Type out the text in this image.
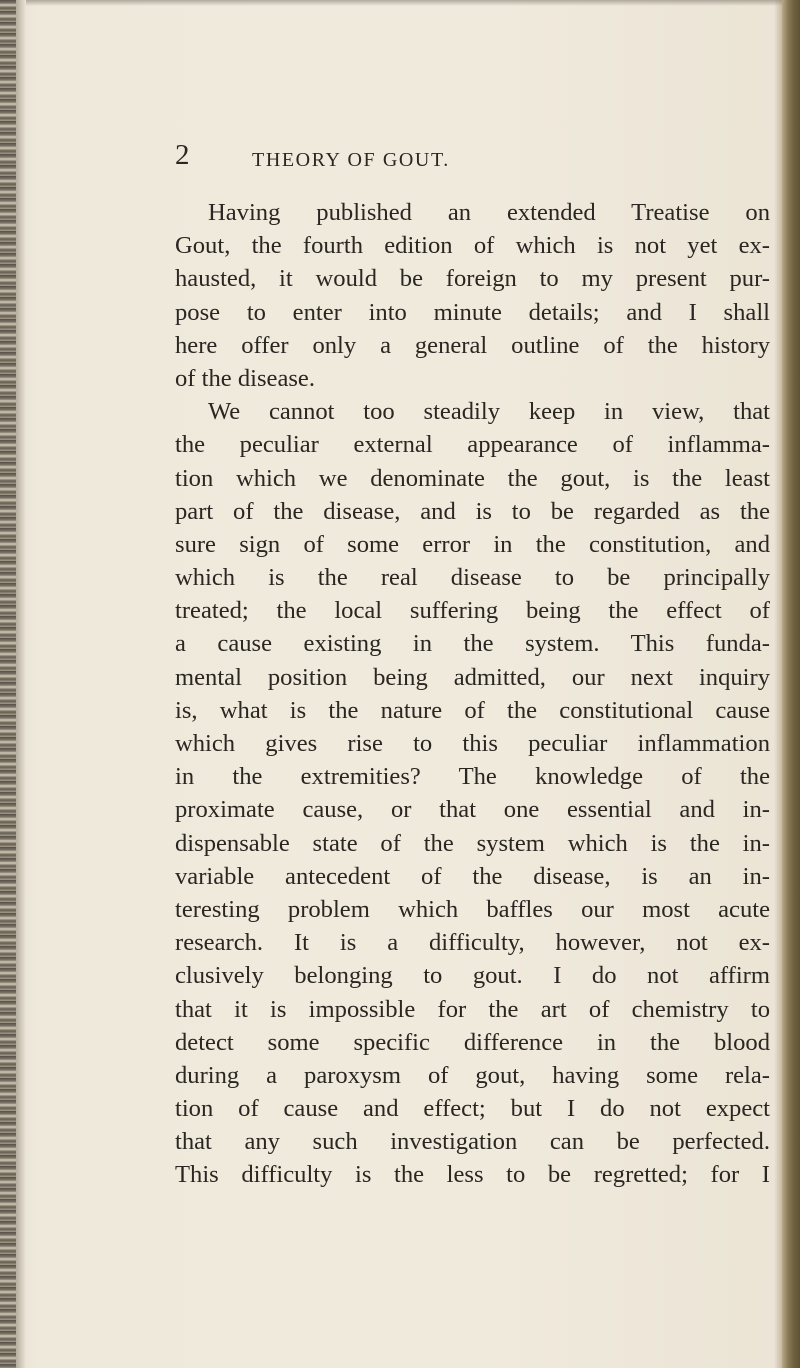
2	THEORY OF GOUT.
Having published an extended Treatise on
Gout, the fourth edition of which is not yet ex-
hausted, it would be foreign to my present pur-
pose to enter into minute details; and I shall
here offer only a general outline of the history
of the disease.
We cannot too steadily keep in view, that
the peculiar external appearance of inflamma-
tion which we denominate the gout, is the least
part of the disease, and is to be regarded as the
sure sign of some error in the constitution, and
which is the real disease to be principally
treated; the local suffering being the effect of
a cause existing in the system. This funda-
mental position being admitted, our next inquiry
is, what is the nature of the constitutional cause
which gives rise to this peculiar inflammation
in the extremities? The knowledge of the
proximate cause, or that one essential and in-
dispensable state of the system which is the in-
variable antecedent of the disease, is an in-
teresting problem which baffles our most acute
research. It is a difficulty, however, not ex-
clusively belonging to gout. I do not affirm
that it is impossible for the art of chemistry to
detect some specific difference in the blood
during a paroxysm of gout, having some rela-
tion of cause and effect; but I do not expect
that any such investigation can be perfected.
This difficulty is the less to be regretted; for I
